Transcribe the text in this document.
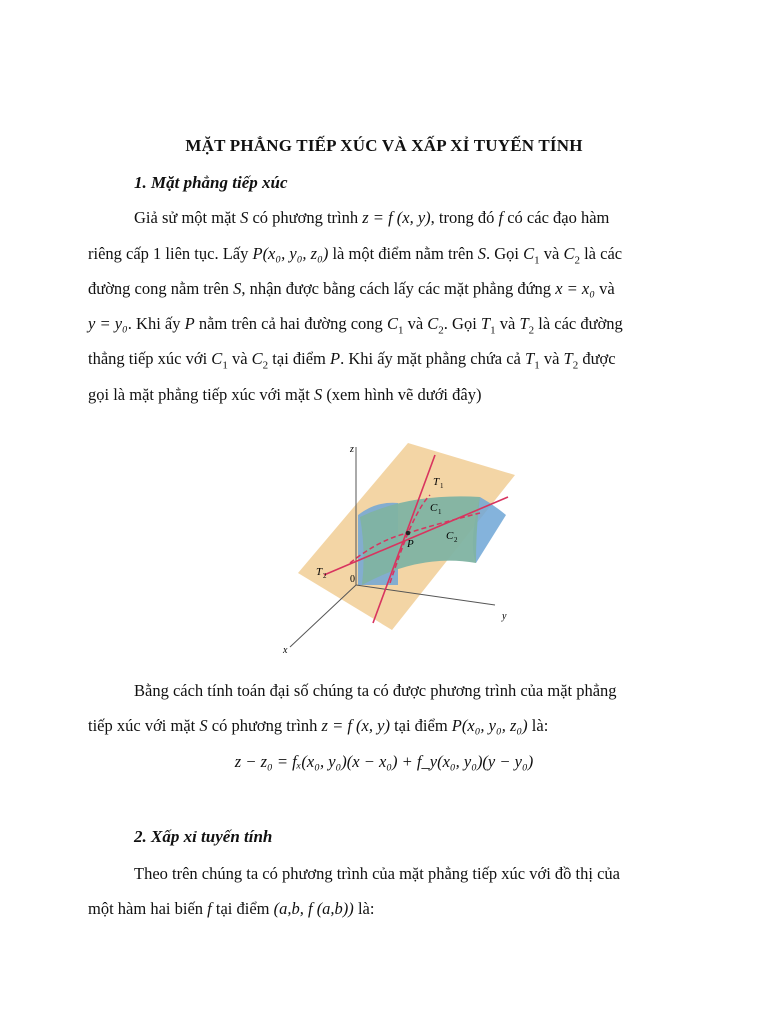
MẶT PHẲNG TIẾP XÚC VÀ XẤP XỈ TUYẾN TÍNH
1. Mặt phẳng tiếp xúc
Giả sử một mặt S có phương trình z = f (x, y), trong đó f có các đạo hàm
riêng cấp 1 liên tục. Lấy P(x₀, y₀, z₀) là một điểm nằm trên S. Gọi $C_1$ và $C_2$ là các
đường cong nằm trên S, nhận được bằng cách lấy các mặt phẳng đứng x = x₀ và
y = y₀. Khi ấy P nằm trên cả hai đường cong $C_1$ và $C_2$. Gọi $T_1$ và $T_2$ là các đường
thẳng tiếp xúc với $C_1$ và $C_2$ tại điểm P. Khi ấy mặt phẳng chứa cả $T_1$ và $T_2$ được
gọi là mặt phẳng tiếp xúc với mặt S (xem hình vẽ dưới đây)
z
y
x
0
T 1
C 1
C 2
P
T 2
Bằng cách tính toán đại số chúng ta có được phương trình của mặt phẳng
tiếp xúc với mặt S có phương trình z = f (x, y) tại điểm P(x₀, y₀, z₀) là:
z − z₀ = fₓ(x₀, y₀)(x − x₀) + f_y(x₀, y₀)(y − y₀)
2. Xấp xỉ tuyến tính
Theo trên chúng ta có phương trình của mặt phẳng tiếp xúc với đồ thị của
một hàm hai biến f tại điểm (a,b, f (a,b)) là:
